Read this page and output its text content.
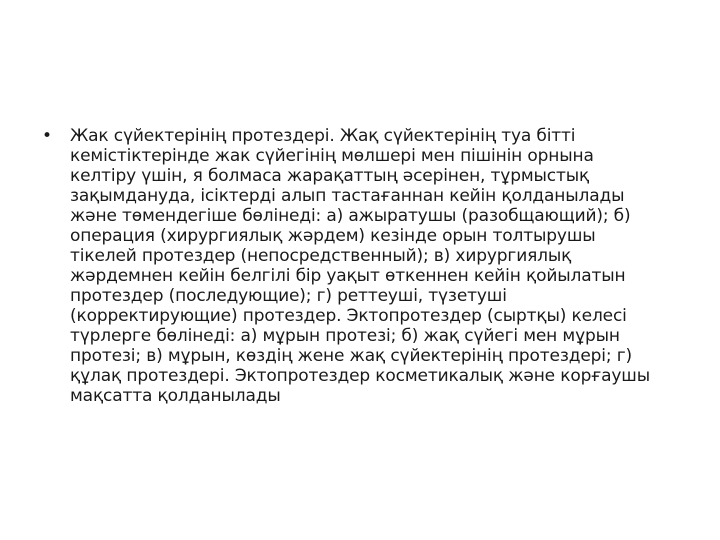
• Жак сүйектерінің протездері. Жақ сүйектерінің туа бітті
кемістіктерінде жак сүйегінің мөлшері мен пішінін орнына
келтіру үшін, я болмаса жарақаттың әсерінен, тұрмыстық
зақымдануда, ісіктерді алып тастағаннан кейін қолданылады
және төмендегіше бөлінеді: а) ажыратушы (разобщающий); б)
операция (хирургиялық жәрдем) кезінде орын толтырушы
тікелей протездер (непосредственный); в) хирургиялық
жәрдемнен кейін белгілі бір уақыт өткеннен кейін қойылатын
протездер (последующие); г) реттеуші, түзетуші
(корректирующие) протездер. Эктопротездер (сыртқы) келесі
түрлерге бөлінеді: а) мұрын протезі; б) жақ сүйегі мен мұрын
протезі; в) мұрын, көздің жене жақ сүйектерінің протездері; г)
құлақ протездері. Эктопротездер косметикалық және корғаушы
мақсатта қолданылады
